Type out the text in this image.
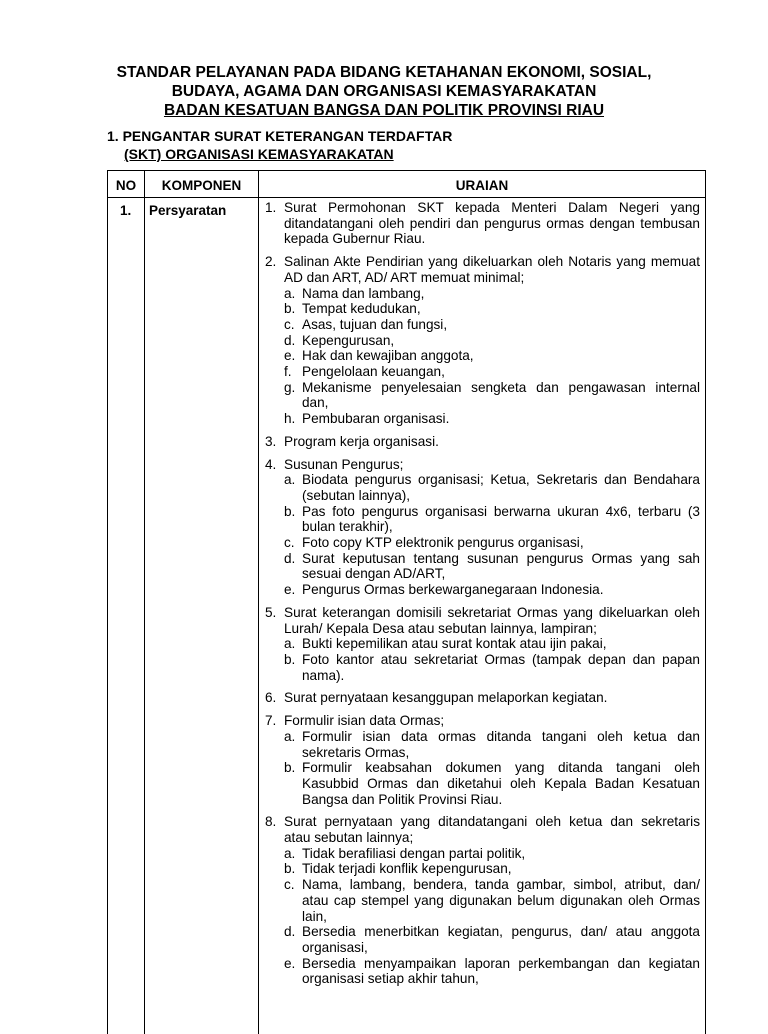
STANDAR PELAYANAN PADA BIDANG KETAHANAN EKONOMI, SOSIAL,
BUDAYA, AGAMA DAN ORGANISASI KEMASYARAKATAN
BADAN KESATUAN BANGSA DAN POLITIK PROVINSI RIAU
1. PENGANTAR SURAT KETERANGAN TERDAFTAR
(SKT) ORGANISASI KEMASYARAKATAN
NO	KOMPONEN	URAIAN
1. Persyaratan	1. Surat Permohonan SKT kepada Menteri Dalam Negeri yang ditandatangani oleh pendiri dan pengurus ormas dengan tembusan kepada Gubernur Riau.
2. Salinan Akte Pendirian yang dikeluarkan oleh Notaris yang memuat AD dan ART, AD/ ART memuat minimal;
a. Nama dan lambang,
b. Tempat kedudukan,
c. Asas, tujuan dan fungsi,
d. Kepengurusan,
e. Hak dan kewajiban anggota,
f. Pengelolaan keuangan,
g. Mekanisme penyelesaian sengketa dan pengawasan internal dan,
h. Pembubaran organisasi.
3. Program kerja organisasi.
4. Susunan Pengurus;
a. Biodata pengurus organisasi; Ketua, Sekretaris dan Bendahara (sebutan lainnya),
b. Pas foto pengurus organisasi berwarna ukuran 4x6, terbaru (3 bulan terakhir),
c. Foto copy KTP elektronik pengurus organisasi,
d. Surat keputusan tentang susunan pengurus Ormas yang sah sesuai dengan AD/ART,
e. Pengurus Ormas berkewarganegaraan Indonesia.
5. Surat keterangan domisili sekretariat Ormas yang dikeluarkan oleh Lurah/ Kepala Desa atau sebutan lainnya, lampiran;
a. Bukti kepemilikan atau surat kontak atau ijin pakai,
b. Foto kantor atau sekretariat Ormas (tampak depan dan papan nama).
6. Surat pernyataan kesanggupan melaporkan kegiatan.
7. Formulir isian data Ormas;
a. Formulir isian data ormas ditanda tangani oleh ketua dan sekretaris Ormas,
b. Formulir keabsahan dokumen yang ditanda tangani oleh Kasubbid Ormas dan diketahui oleh Kepala Badan Kesatuan Bangsa dan Politik Provinsi Riau.
8. Surat pernyataan yang ditandatangani oleh ketua dan sekretaris atau sebutan lainnya;
a. Tidak berafiliasi dengan partai politik,
b. Tidak terjadi konflik kepengurusan,
c. Nama, lambang, bendera, tanda gambar, simbol, atribut, dan/ atau cap stempel yang digunakan belum digunakan oleh Ormas lain,
d. Bersedia menerbitkan kegiatan, pengurus, dan/ atau anggota organisasi,
e. Bersedia menyampaikan laporan perkembangan dan kegiatan organisasi setiap akhir tahun,
